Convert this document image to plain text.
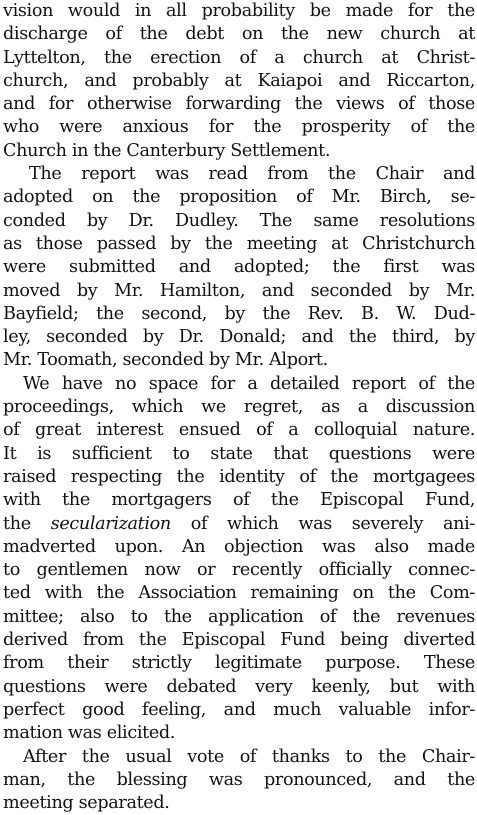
vision would in all probability be made for the
discharge of the debt on the new church at
Lyttelton, the erection of a church at Christ-
church, and probably at Kaiapoi and Riccarton,
and for otherwise forwarding the views of those
who were anxious for the prosperity of the
Church in the Canterbury Settlement.
The report was read from the Chair and
adopted on the proposition of Mr. Birch, se-
conded by Dr. Dudley. The same resolutions
as those passed by the meeting at Christchurch
were submitted and adopted; the first was
moved by Mr. Hamilton, and seconded by Mr.
Bayfield; the second, by the Rev. B. W. Dud-
ley, seconded by Dr. Donald; and the third, by
Mr. Toomath, seconded by Mr. Alport.
We have no space for a detailed report of the
proceedings, which we regret, as a discussion
of great interest ensued of a colloquial nature.
It is sufficient to state that questions were
raised respecting the identity of the mortgagees
with the mortgagers of the Episcopal Fund,
the secularization of which was severely ani-
madverted upon. An objection was also made
to gentlemen now or recently officially connec-
ted with the Association remaining on the Com-
mittee; also to the application of the revenues
derived from the Episcopal Fund being diverted
from their strictly legitimate purpose. These
questions were debated very keenly, but with
perfect good feeling, and much valuable infor-
mation was elicited.
After the usual vote of thanks to the Chair-
man, the blessing was pronounced, and the
meeting separated.
